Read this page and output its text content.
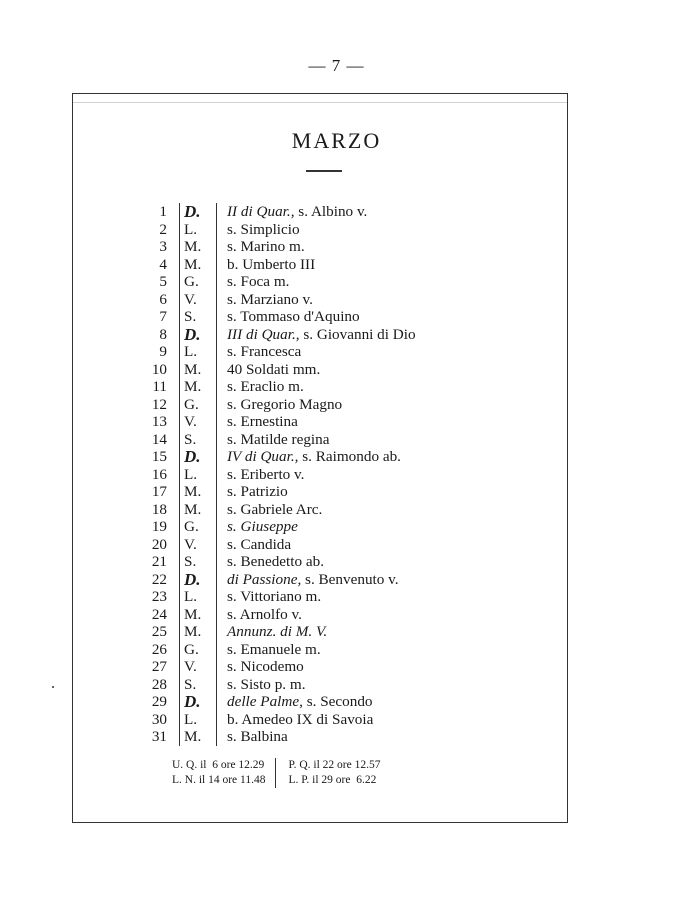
— 7 —
MARZO
1	D.	II di Quar., s. Albino v.
2	L.	s. Simplicio
3	M.	s. Marino m.
4	M.	b. Umberto III
5	G.	s. Foca m.
6	V.	s. Marziano v.
7	S.	s. Tommaso d'Aquino
8	D.	III di Quar., s. Giovanni di Dio
9	L.	s. Francesca
10	M.	40 Soldati mm.
11	M.	s. Eraclio m.
12	G.	s. Gregorio Magno
13	V.	s. Ernestina
14	S.	s. Matilde regina
15	D.	IV di Quar., s. Raimondo ab.
16	L.	s. Eriberto v.
17	M.	s. Patrizio
18	M.	s. Gabriele Arc.
19	G.	s. Giuseppe
20	V.	s. Candida
21	S.	s. Benedetto ab.
22	D.	di Passione, s. Benvenuto v.
23	L.	s. Vittoriano m.
24	M.	s. Arnolfo v.
25	M.	Annunz. di M. V.
26	G.	s. Emanuele m.
27	V.	s. Nicodemo
28	S.	s. Sisto p. m.
29	D.	delle Palme, s. Secondo
30	L.	b. Amedeo IX di Savoia
31	M.	s. Balbina
U. Q. il  6 ore 12.29
L. N. il 14 ore 11.48
P. Q. il 22 ore 12.57
L. P. il 29 ore  6.22
